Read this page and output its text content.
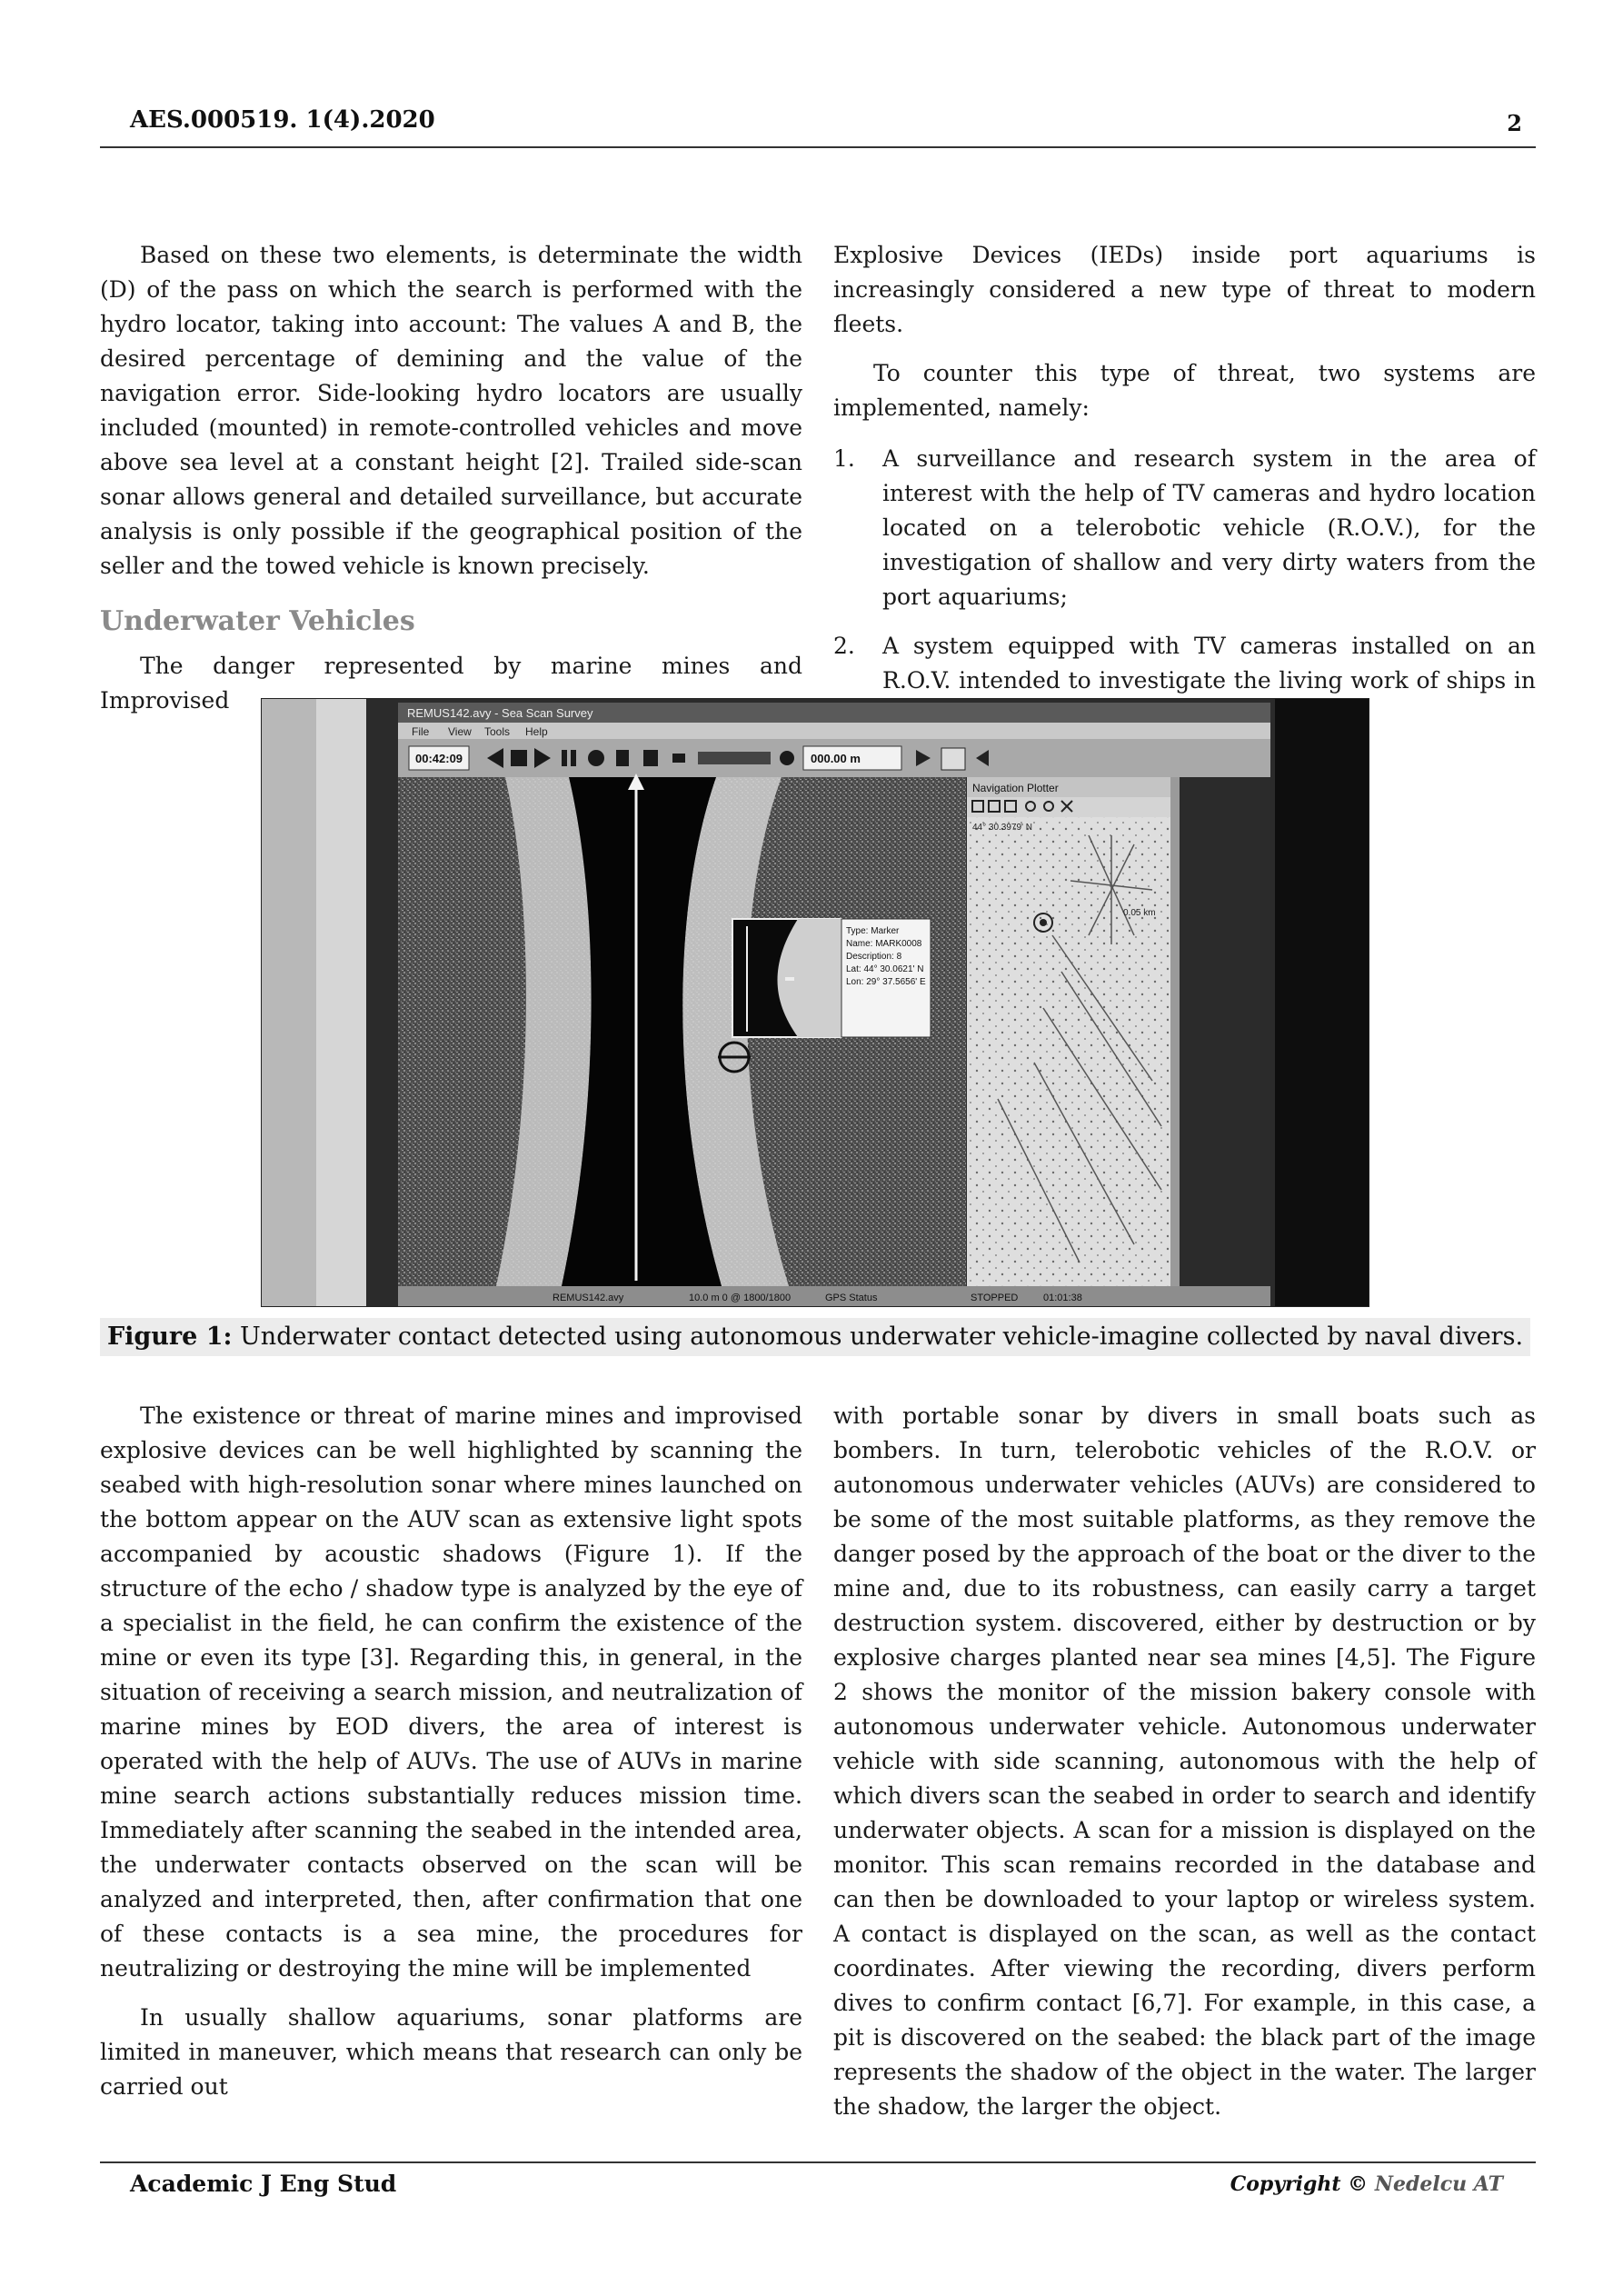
AES.000519. 1(4).2020	2

Based on these two elements, is determinate the width (D) of the pass on which the search is performed with the hydro locator, taking into account: The values A and B, the desired percentage of demining and the value of the navigation error. Side-looking hydro locators are usually included (mounted) in remote-controlled vehicles and move above sea level at a constant height [2]. Trailed side-scan sonar allows general and detailed surveillance, but accurate analysis is only possible if the geographical position of the seller and the towed vehicle is known precisely.

Underwater Vehicles

The danger represented by marine mines and Improvised

Explosive Devices (IEDs) inside port aquariums is increasingly considered a new type of threat to modern fleets.

To counter this type of threat, two systems are implemented, namely:

1. A surveillance and research system in the area of interest with the help of TV cameras and hydro location located on a telerobotic vehicle (R.O.V.), for the investigation of shallow and very dirty waters from the port aquariums;
2. A system equipped with TV cameras installed on an R.O.V. intended to investigate the living work of ships in
REMUS142.avy - Sea Scan Survey
File View Tools Help
00:42:09	000.00 m
Type: Marker
Name: MARK0008
Description: 8
Lat: 44° 30.0621' N
Lon: 29° 37.5656' E
Navigation Plotter
44° 30.3979' N
0.05 km
REMUS142.avy	10.0 m 0 @ 1800/1800	GPS Status	STOPPED	01:01:38
Figure 1: Underwater contact detected using autonomous underwater vehicle-imagine collected by naval divers.

The existence or threat of marine mines and improvised explosive devices can be well highlighted by scanning the seabed with high-resolution sonar where mines launched on the bottom appear on the AUV scan as extensive light spots accompanied by acoustic shadows (Figure 1). If the structure of the echo / shadow type is analyzed by the eye of a specialist in the field, he can confirm the existence of the mine or even its type [3]. Regarding this, in general, in the situation of receiving a search mission, and neutralization of marine mines by EOD divers, the area of interest is operated with the help of AUVs. The use of AUVs in marine mine search actions substantially reduces mission time. Immediately after scanning the seabed in the intended area, the underwater contacts observed on the scan will be analyzed and interpreted, then, after confirmation that one of these contacts is a sea mine, the procedures for neutralizing or destroying the mine will be implemented

In usually shallow aquariums, sonar platforms are limited in maneuver, which means that research can only be carried out

with portable sonar by divers in small boats such as bombers. In turn, telerobotic vehicles of the R.O.V. or autonomous underwater vehicles (AUVs) are considered to be some of the most suitable platforms, as they remove the danger posed by the approach of the boat or the diver to the mine and, due to its robustness, can easily carry a target destruction system. discovered, either by destruction or by explosive charges planted near sea mines [4,5]. The Figure 2 shows the monitor of the mission bakery console with autonomous underwater vehicle. Autonomous underwater vehicle with side scanning, autonomous with the help of which divers scan the seabed in order to search and identify underwater objects. A scan for a mission is displayed on the monitor. This scan remains recorded in the database and can then be downloaded to your laptop or wireless system. A contact is displayed on the scan, as well as the contact coordinates. After viewing the recording, divers perform dives to confirm contact [6,7]. For example, in this case, a pit is discovered on the seabed: the black part of the image represents the shadow of the object in the water. The larger the shadow, the larger the object.

Academic J Eng Stud	Copyright © Nedelcu AT
